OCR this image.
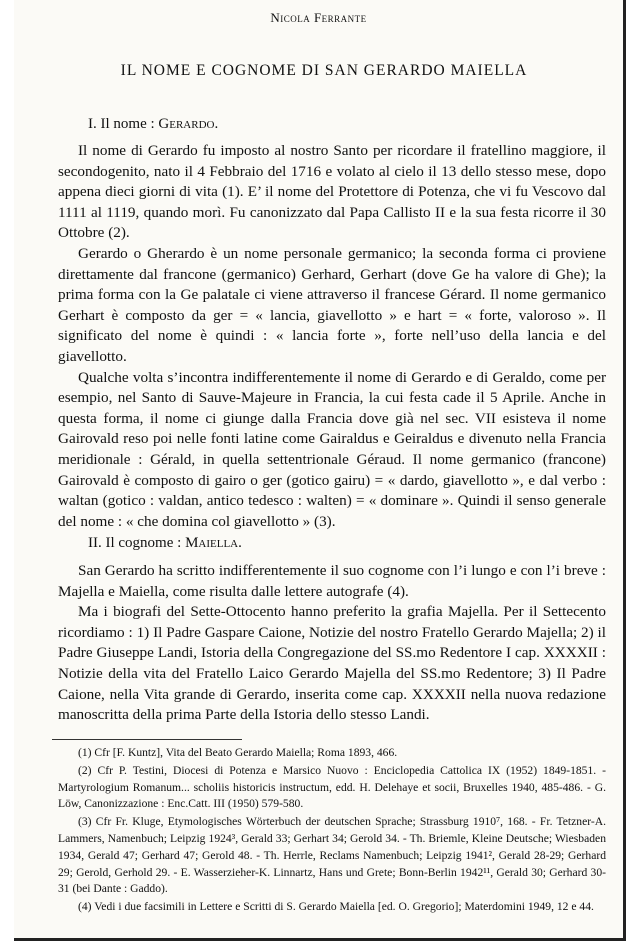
Nicola Ferrante
IL NOME E COGNOME DI SAN GERARDO MAIELLA
I. Il nome : Gerardo.

Il nome di Gerardo fu imposto al nostro Santo per ricordare il fratellino maggiore, il secondogenito, nato il 4 Febbraio del 1716 e volato al cielo il 13 dello stesso mese, dopo appena dieci giorni di vita (1). E’ il nome del Protettore di Potenza, che vi fu Vescovo dal 1111 al 1119, quando morì. Fu canonizzato dal Papa Callisto II e la sua festa ricorre il 30 Ottobre (2).

Gerardo o Gherardo è un nome personale germanico; la seconda forma ci proviene direttamente dal francone (germanico) Gerhard, Gerhart (dove Ge ha valore di Ghe); la prima forma con la Ge palatale ci viene attraverso il francese Gérard. Il nome germanico Gerhart è composto da ger = « lancia, giavellotto » e hart = « forte, valoroso ». Il significato del nome è quindi : « lancia forte », forte nell’uso della lancia e del giavellotto.

Qualche volta s’incontra indifferentemente il nome di Gerardo e di Geraldo, come per esempio, nel Santo di Sauve-Majeure in Francia, la cui festa cade il 5 Aprile. Anche in questa forma, il nome ci giunge dalla Francia dove già nel sec. VII esisteva il nome Gairovald reso poi nelle fonti latine come Gairaldus e Geiraldus e divenuto nella Francia meridionale : Gérald, in quella settentrionale Géraud. Il nome germanico (francone) Gairovald è composto di gairo o ger (gotico gairu) = « dardo, giavellotto », e dal verbo : waltan (gotico : valdan, antico tedesco : walten) = « dominare ». Quindi il senso generale del nome : « che domina col giavellotto » (3).

II. Il cognome : Maiella.

San Gerardo ha scritto indifferentemente il suo cognome con l’i lungo e con l’i breve : Majella e Maiella, come risulta dalle lettere autografe (4).

Ma i biografi del Sette-Ottocento hanno preferito la grafia Majella. Per il Settecento ricordiamo : 1) Il Padre Gaspare Caione, Notizie del nostro Fratello Gerardo Majella; 2) il Padre Giuseppe Landi, Istoria della Congregazione del SS.mo Redentore I cap. XXXXII : Notizie della vita del Fratello Laico Gerardo Majella del SS.mo Redentore; 3) Il Padre Caione, nella Vita grande di Gerardo, inserita come cap. XXXXII nella nuova redazione manoscritta della prima Parte della Istoria dello stesso Landi.

(1) Cfr [F. Kuntz], Vita del Beato Gerardo Maiella; Roma 1893, 466.

(2) Cfr P. Testini, Diocesi di Potenza e Marsico Nuovo : Enciclopedia Cattolica IX (1952) 1849-1851. - Martyrologium Romanum... scholiis historicis instructum, edd. H. Delehaye et socii, Bruxelles 1940, 485-486. - G. Löw, Canonizzazione : Enc.Catt. III (1950) 579-580.

(3) Cfr Fr. Kluge, Etymologisches Wörterbuch der deutschen Sprache; Strassburg 1910⁷, 168. - Fr. Tetzner-A. Lammers, Namenbuch; Leipzig 1924³, Gerald 33; Gerhart 34; Gerold 34. - Th. Briemle, Kleine Deutsche; Wiesbaden 1934, Gerald 47; Gerhard 47; Gerold 48. - Th. Herrle, Reclams Namenbuch; Leipzig 1941², Gerald 28-29; Gerhard 29; Gerold, Gerhold 29. - E. Wasserzieher-K. Linnartz, Hans und Grete; Bonn-Berlin 1942¹¹, Gerald 30; Gerhard 30-31 (bei Dante : Gaddo).

(4) Vedi i due facsimili in Lettere e Scritti di S. Gerardo Maiella [ed. O. Gregorio]; Materdomini 1949, 12 e 44.
